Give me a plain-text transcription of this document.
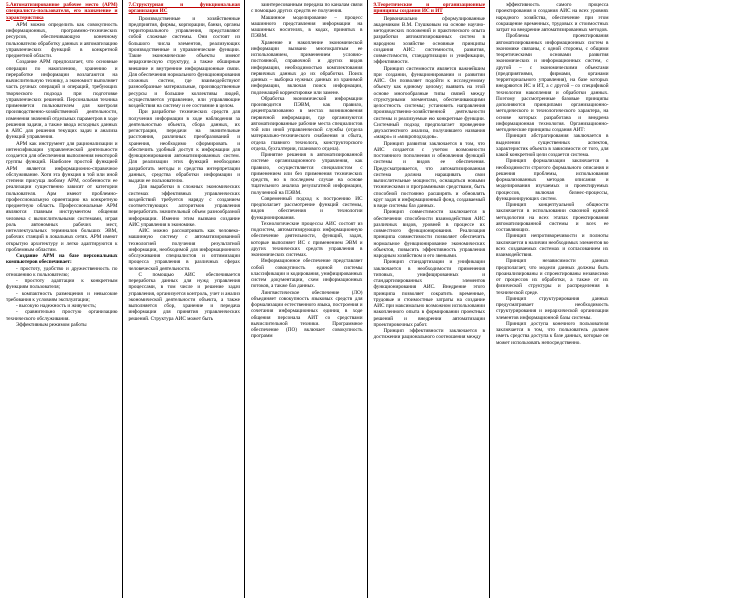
5.Автоматизированное рабочее место (АРМ) специалиста-пользователя, его назначение и характеристика

АРМ можно определить как совокупность информационных, программно-технических ресурсов, обеспечивающую конечному пользователю обработку данных и автоматизацию управленческих функций в конкретной предметной области.

Создание АРМ предполагает, что основные операции по накоплению, хранению и переработке информации возлагаются на вычислительную технику, а экономист выполняет часть ручных операций и операций, требующих творческого подхода при подготовке управленческих решений. Персональная техника применяется пользователем для контроля производственно-хозяйственной деятельности, изменения значений отдельных параметров в ходе решения задачи, а также ввода исходных данных в АИС для решения текущих задач и анализа функций управления.

АРМ как инструмент для рационализации и интенсификации управленческой деятельности создается для обеспечения выполнения некоторой группы функций. Наиболее простой функцией АРМ является информационно-справочное обслуживание. Хотя эта функция в той или иной степени присуща любому АРМ, особенности ее реализации существенно зависят от категории пользователя. Арм имеют проблемно-профессиональную ориентацию на конкретную предметную область. Профессиональные АРМ являются главным инструментом общения человека с вычислительными системами, играя роль автономных рабочих мест, интеллектуальных терминалов больших ЭВМ, рабочих станций в локальных сетях. АРМ имеют открытую архитектуру и легко адаптируются к проблемным областям.

Создание АРМ на базе персональных компьютеров обеспечивает:

- простоту, удобство и дружественность по отношению к пользователю;

- простоту адаптации к конкретным функциям пользователя;

- компактность размещения и невысокие требования к условиям эксплуатации;

- высокую надежность и живучесть;

- сравнительно простую организацию технического обслуживания.

Эффективным режимом работы

7.Структурная и функциональная организация ИС

Производственные и хозяйственные предприятия, фирмы, корпорации, банки, органы территориального управления, представляют собой сложные системы. Они состоят из большого числа элементов, реализующих производственные и управленческие функции. Такие экономические объекты имеют иерархическую структуру, а также обширные внешние и внутренние информационные связи. Для обеспечения нормального функционирования сложных систем, где взаимодействуют разнообразные материальные, производственные ресурсы и большие коллективы людей, осуществляется управление, или управляющие воздействия на систему и ее состояние в целом.

При разработке технических средств для получения информации в ходе наблюдения за деятельностью объекта, сбора данных, их регистрации, передачи на значительные расстояния, различных преобразований и хранения, необходимо сформировать и обеспечить удобный доступ к информации для функционирования автоматизированных систем. Для реализации этих функций необходимо разработать методы и средства интерпретации данных, средства обработки информации и выдачи ее пользователю.

Для выработки в сложных экономических системах эффективных управленческих воздействий требуется наряду с созданием соответствующих алгоритмов управления переработать значительный объем разнообразной информации. Именно этим вызвано создание АИС управления в экономике.

АИС можно рассматривать как человеко-машинную систему с автоматизированной технологией получения результатной информации, необходимой для информационного обслуживания специалистов и оптимизации процесса управления в различных сферах человеческой деятельности.

С помощью АИС обеспечивается переработка данных для нужд управления процессами, в том числе и решение задач управления, организуется контроль, учет и анализ экономической деятельности объекта, а также выполняется сбор, хранение и передача информации для принятия управленческих решений. Структура АИС может быть

заинтересованным передача по каналам связи с помощью других средств ее получения.

Машинное моделирование – процесс машинного представления информации на машинных носителях, в кодах, принятых в ПЭВМ.

Хранение и накопление экономической информации вызвано многократным ее использованием, применением условно-постоянной, справочной и других видов информации, необходимостью комплектования первичных данных до их обработки. Поиск данных – выборка нужных данных из хранимой информации, включая поиск информации, подлежащей корректировке или замене.

Обработка экономической информации производится ПЭВМ, как правило, децентрализованно в местах возникновения первичной информации, где организуются автоматизированные рабочие места специалистов той или иной управленческой службы (отдела материально-технического снабжения и сбыта, отдела главного технолога, конструкторского отдела, бухгалтерии, планового отдела).

Принятие решения в автоматизированной системе организационного управления, как правило, осуществляется специалистом с применением или без применения технических средств, но в последнем случае на основе тщательного анализа результатной информации, полученной на ПЭВМ.

Современный подход к построению ИС предполагает рассмотрение функций системы, видов обеспечения и технологии функционирования.

Технологические процессы АИС состоят из подсистем, автоматизирующих информационную обеспечение деятельности, функций, задач, которые выполняет ИС с применением ЭВМ и других технических средств управления в экономических системах.

Информационное обеспечение представляет собой совокупность единой системы классификации и кодирования, унифицированных систем документации, схем информационных потоков, а также баз данных.

Лингвистическое обеспечение (ЛО) объединяет совокупность языковых средств для формализации естественного языка, построения и сочетания информационных единиц в ходе общения персонала АИТ со средствами вычислительной техники. Программное обеспечение (ПО) включает совокупность программ

9.Теоретические и организационные принципы создания ИС и ИТ

Первоначально сформулированные академиком В.М. Глушковым на основе научно-методических положений и практического опыта разработки автоматизированных систем в народном хозяйстве основные принципы создания АИС: системности, развития, совместимости, стандартизации и унификации, эффективности.

Принцип системности является важнейшим при создании, функционировании и развитии АИС. Он позволяет подойти к исследуемому объекту как единому целому; выявить на этой основе многообразные типы связей между структурными элементами, обеспечивающими целостность системы; установить направления производственно-хозяйственной деятельности системы и реализуемые ею конкретные функции. Системный подход предполагает проведение двухаспектного анализа, получившего названия «макро» и «микроподходов».

Принцип развития заключается в том, что АИС создается с учетом возможности постоянного пополнения и обновления функций системы и видов ее обеспечения. Предусматривается, что автоматизированная система должна наращивать свои вычислительные мощности, оснащаться новыми техническими и программными средствами, быть способной постоянно расширять и обновлять круг задач и информационный фонд, создаваемый в виде системы баз данных.

Принцип совместимости заключается в обеспечении способности взаимодействия АИС различных видов, уровней в процессе их совместного функционирования. Реализация принципа совместимости позволяет обеспечить нормальное функционирование экономических объектов, повысить эффективность управления народным хозяйством и его звеньями.

Принцип стандартизации и унификации заключается в необходимости применения типовых, унифицированных и стандартизированных элементов функционирования АИС. Внедрение этого принципа позволяет сократить временные, трудовые и стоимостные затраты на создание АИС при максимально возможном использовании накопленного опыта в формировании проектных решений и внедрении автоматизации проектировочных работ.

Принцип эффективности заключается в достижении рационального соотношения между

эффективность самого процесса проектирования и создания АИС на всех уровнях народного хозяйства, обеспечение при этом сокращение временных, трудовых и стоимостных затрат на внедрение автоматизированных методов.

Проблемы проектирования автоматизированных информационных систем в экономике связаны, с одной стороны, с общими теоретическими основами развития экономических и информационных систем, с другой – с экономическими объектами (предприятиями, фирмами, органами территориального управления), на базе которых внедряются ИС и ИТ, а с другой – со спецификой технологии накопления и обработки данных. Поэтому рассмотренные базовые принципы дополняются принципами организационно-методического и технологического характера, на основе которых разработана и внедрена информационная технология. Организационно-методические принципы создания АИТ:

Принцип абстрагирования заключается в выделении существенных аспектов, характеристик объекта в зависимости от того, для какой конкретной цели создается система.

Принцип формализации заключается в необходимости строгого формального описания и решения проблемы, использования формализованных методов описания и моделирования изучаемых и проектируемых процессов, включая бизнес-процессы, функционирующих систем.

Принцип концептуальной общности заключается в использовании сквозной единой методологии на всех этапах проектирования автоматизированной системы и всех ее составляющих.

Принцип непротиворечивости и полноты заключается в наличии необходимых элементов во всех создаваемых системах и согласованием их взаимодействия.

Принцип независимости данных предполагает, что модели данных должны быть проанализированы и спроектированы независимо от процессов их обработки, а также от их физической структуры и распределения в технической среде.

Принцип структурирования данных предусматривает необходимость структурирования и иерархической организации элементов информационной базы системы.

Принцип доступа конечного пользователя заключается в том, что пользователь должен иметь средства доступа к базе данных, которые он может использовать непосредственно.
